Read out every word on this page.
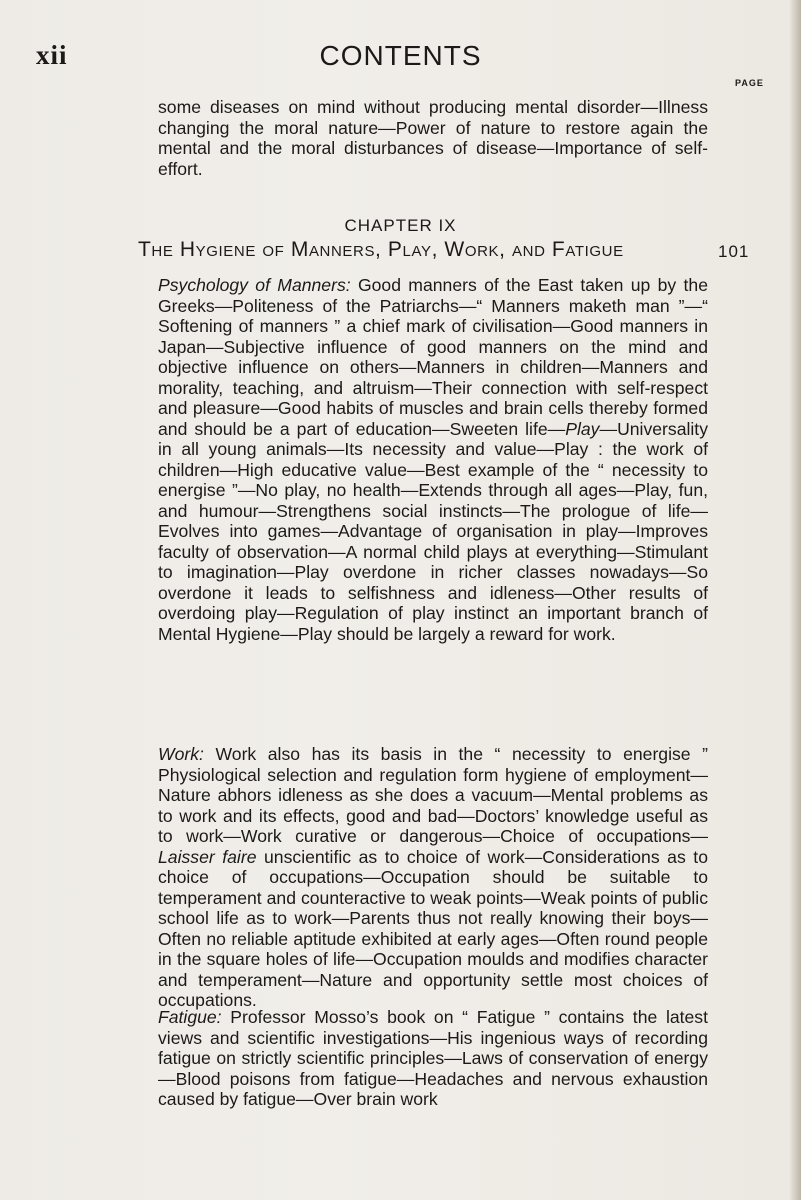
xii	CONTENTS
PAGE

some diseases on mind without producing mental disorder—Illness changing the moral nature—Power of nature to restore again the mental and the moral disturbances of disease—Importance of self-effort.

CHAPTER IX
The Hygiene of Manners, Play, Work, and Fatigue	101

Psychology of Manners: Good manners of the East taken up by the Greeks—Politeness of the Patriarchs—“ Manners maketh man ”—“ Softening of manners ” a chief mark of civilisation—Good manners in Japan—Subjective influence of good manners on the mind and objective influence on others—Manners in children—Manners and morality, teaching, and altruism—Their connection with self-respect and pleasure—Good habits of muscles and brain cells thereby formed and should be a part of education—Sweeten life—Play—Universality in all young animals—Its necessity and value—Play : the work of children—High educative value—Best example of the “ necessity to energise ”—No play, no health—Extends through all ages—Play, fun, and humour—Strengthens social instincts—The prologue of life—Evolves into games—Advantage of organisation in play—Improves faculty of observation—A normal child plays at everything—Stimulant to imagination—Play overdone in richer classes nowadays—So overdone it leads to selfishness and idleness—Other results of overdoing play—Regulation of play instinct an important branch of Mental Hygiene—Play should be largely a reward for work.

Work: Work also has its basis in the “ necessity to energise ” Physiological selection and regulation form hygiene of employment—Nature abhors idleness as she does a vacuum—Mental problems as to work and its effects, good and bad—Doctors’ knowledge useful as to work—Work curative or dangerous—Choice of occupations—Laisser faire unscientific as to choice of work—Considerations as to choice of occupations—Occupation should be suitable to temperament and counteractive to weak points—Weak points of public school life as to work—Parents thus not really knowing their boys—Often no reliable aptitude exhibited at early ages—Often round people in the square holes of life—Occupation moulds and modifies character and temperament—Nature and opportunity settle most choices of occupations.

Fatigue: Professor Mosso’s book on “ Fatigue ” contains the latest views and scientific investigations—His ingenious ways of recording fatigue on strictly scientific principles—Laws of conservation of energy—Blood poisons from fatigue—Headaches and nervous exhaustion caused by fatigue—Over brain work
